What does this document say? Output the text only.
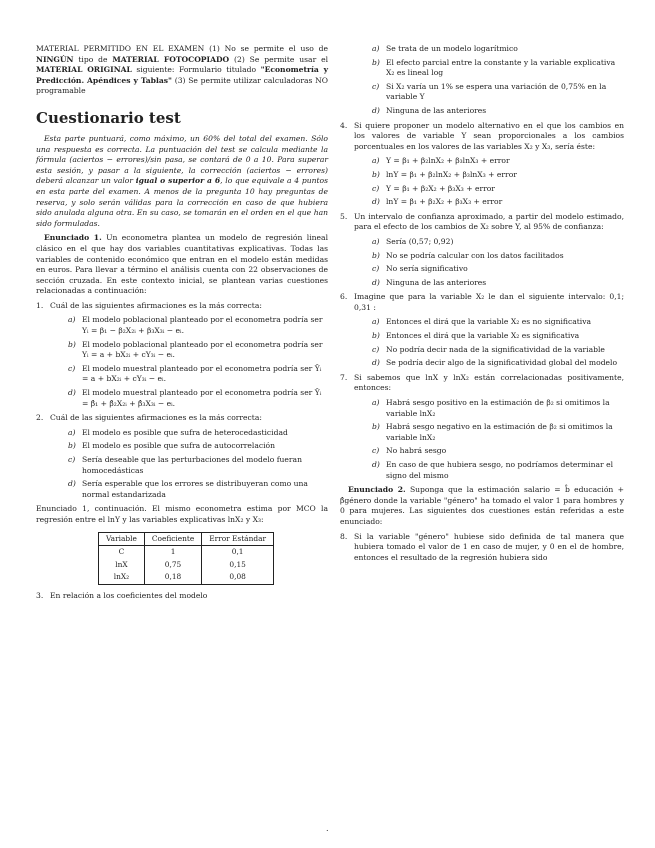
MATERIAL PERMITIDO EN EL EXAMEN (1) No se permite el uso de NINGÚN tipo de MATERIAL FOTOCOPIADO (2) Se permite usar el MATERIAL ORIGINAL siguiente: Formulario titulado "Econometría y Predicción. Apéndices y Tablas" (3) Se permite utilizar calculadoras NO programable

Cuestionario test

Esta parte puntuará, como máximo, un 60% del total del examen. Sólo una respuesta es correcta. La puntuación del test se calcula mediante la fórmula (aciertos − errores)/sin pasa, se contará de 0 a 10. Para superar esta sesión, y pasar a la siguiente, la corrección (aciertos − errores) deberá alcanzar un valor igual o superior a 6, lo que equivale a 4 puntos en esta parte del examen. A menos de la pregunta 10 hay preguntas de reserva, y solo serán válidas para la corrección en caso de que hubiera sido anulada alguna otra. En su caso, se tomarán en el orden en el que han sido formuladas.

Enunciado 1. Un econometra plantea un modelo de regresión lineal clásico en el que hay dos variables cuantitativas explicativas. Todas las variables de contenido económico que entran en el modelo están medidas en euros. Para llevar a término el análisis cuenta con 22 observaciones de sección cruzada. En este contexto inicial, se plantean varias cuestiones relacionadas a continuación:

1. Cuál de las siguientes afirmaciones es la más correcta:
a) El modelo poblacional planteado por el econometra podría ser Yᵢ = β₁ − β₂X₂ᵢ + β₃X₃ᵢ − eᵢ.
b) El modelo poblacional planteado por el econometra podría ser Yᵢ = a + bX₂ᵢ + cY₃ᵢ − eᵢ.
c) El modelo muestral planteado por el econometra podría ser Ŷᵢ = a + bX₂ᵢ + cY₃ᵢ − eᵢ.
d) El modelo muestral planteado por el econometra podría ser Ŷᵢ = β̂₁ + β̂₂X₂ᵢ + β̂₃X₃ᵢ − eᵢ.
2. Cuál de las siguientes afirmaciones es la más correcta:
a) El modelo es posible que sufra de heterocedasticidad
b) El modelo es posible que sufra de autocorrelación
c) Sería deseable que las perturbaciones del modelo fueran homocedásticas
d) Sería esperable que los errores se distribuyeran como una normal estandarizada

Enunciado 1, continuación. El mismo econometra estima por MCO la regresión entre el lnY y las variables explicativas lnX₂ y X₃:

Variable	Coeficiente	Error Estándar
C	1	0,1
lnX	0,75	0,15
lnX₂	0,18	0,08
3. En relación a los coeficientes del modelo
a) Se trata de un modelo logarítmico
b) El efecto parcial entre la constante y la variable explicativa X₂ es lineal log
c) Si X₂ varía un 1% se espera una variación de 0,75% en la variable Y
d) Ninguna de las anteriores
4. Si quiere proponer un modelo alternativo en el que los cambios en los valores de variable Y sean proporcionales a los cambios porcentuales en los valores de las variables X₂ y X₃, sería éste:
a) Y = β₁ + β₂lnX₂ + β₃lnX₃ + error
b) lnY = β₁ + β₂lnX₂ + β₃lnX₃ + error
c) Y = β₁ + β₂X₂ + β₃X₃ + error
d) lnY = β₁ + β₂X₂ + β₃X₃ + error
5. Un intervalo de confianza aproximado, a partir del modelo estimado, para el efecto de los cambios de X₂ sobre Y, al 95% de confianza:
a) Sería (0,57; 0,92)
b) No se podría calcular con los datos facilitados
c) No sería significativo
d) Ninguna de las anteriores
6. Imagine que para la variable X₂ le dan el siguiente intervalo: 0,1; 0,31 :
a) Entonces el dirá que la variable X₂ es no significativa
b) Entonces el dirá que la variable X₂ es significativa
c) No podría decir nada de la significatividad de la variable
d) Se podría decir algo de la significatividad global del modelo
7. Si sabemos que lnX y lnX₂ están correlacionadas positivamente, entonces:
a) Habrá sesgo positivo en la estimación de β₂ si omitimos la variable lnX₂
b) Habrá sesgo negativo en la estimación de β₂ si omitimos la variable lnX₂
c) No habrá sesgo
d) En caso de que hubiera sesgo, no podríamos determinar el signo del mismo

Enunciado 2. Suponga que la estimación salario = b̂ educación + β̂género donde la variable "género" ha tomado el valor 1 para hombres y 0 para mujeres. Las siguientes dos cuestiones están referidas a este enunciado:

8. Si la variable "género" hubiese sido definida de tal manera que hubiera tomado el valor de 1 en caso de mujer, y 0 en el de hombre, entonces el resultado de la regresión hubiera sido
.
